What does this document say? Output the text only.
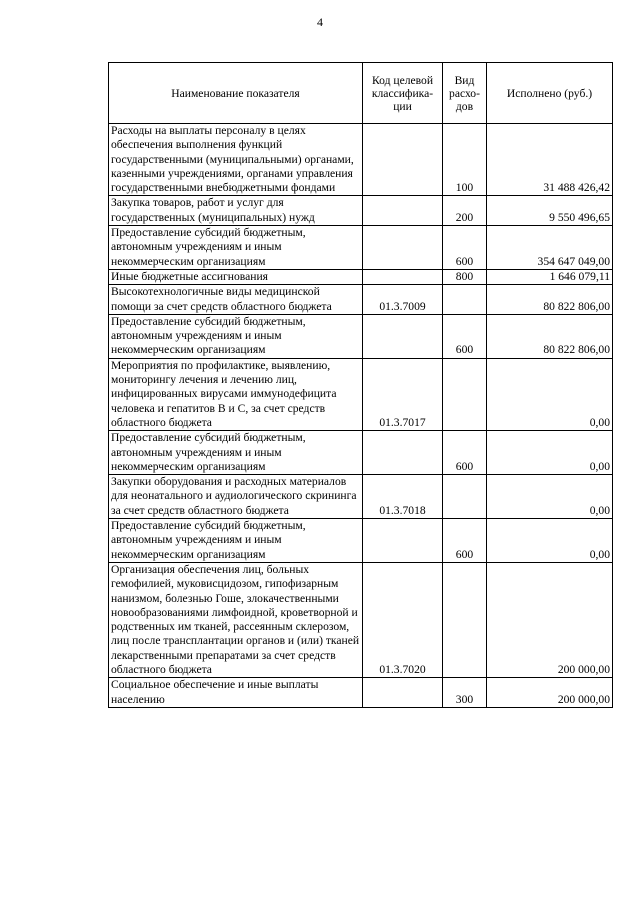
4
Наименование показателя	Код целевой классифика-ции	Вид расхо-дов	Исполнено (руб.)
Расходы на выплаты персоналу в целях обеспечения выполнения функций государственными (муниципальными) органами, казенными учреждениями, органами управления государственными внебюджетными фондами		100	31 488 426,42
Закупка товаров, работ и услуг для государственных (муниципальных) нужд		200	9 550 496,65
Предоставление субсидий бюджетным, автономным учреждениям и иным некоммерческим организациям		600	354 647 049,00
Иные бюджетные ассигнования		800	1 646 079,11
Высокотехнологичные виды медицинской помощи за счет средств областного бюджета	01.3.7009		80 822 806,00
Предоставление субсидий бюджетным, автономным учреждениям и иным некоммерческим организациям		600	80 822 806,00
Мероприятия по профилактике, выявлению, мониторингу лечения и лечению лиц, инфицированных вирусами иммунодефицита человека и гепатитов B и C, за счет средств областного бюджета	01.3.7017		0,00
Предоставление субсидий бюджетным, автономным учреждениям и иным некоммерческим организациям		600	0,00
Закупки оборудования и расходных материалов для неонатального и аудиологического скрининга за счет средств областного бюджета	01.3.7018		0,00
Предоставление субсидий бюджетным, автономным учреждениям и иным некоммерческим организациям		600	0,00
Организация обеспечения лиц, больных гемофилией, муковисцидозом, гипофизарным нанизмом, болезнью Гоше, злокачественными новообразованиями лимфоидной, кроветворной и родственных им тканей, рассеянным склерозом, лиц после трансплантации органов и (или) тканей лекарственными препаратами за счет средств областного бюджета	01.3.7020		200 000,00
Социальное обеспечение и иные выплаты населению		300	200 000,00
